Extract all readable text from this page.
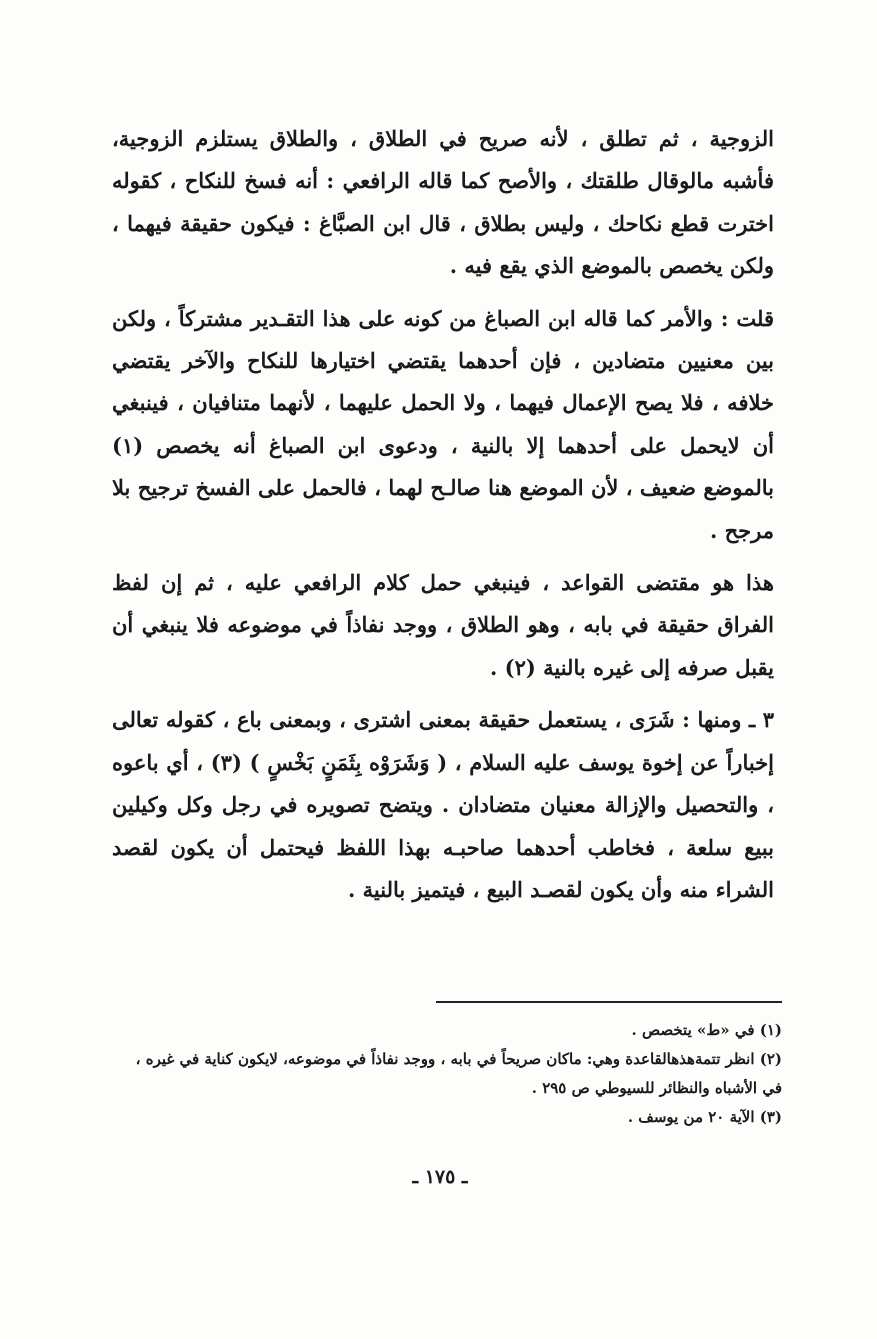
الزوجية ، ثم تطلق ، لأنه صريح في الطلاق ، والطلاق يستلزم الزوجية، فأشبه مالوقال طلقتك ، والأصح كما قاله الرافعي : أنه فسخ للنكاح ، كقوله اخترت قطع نكاحك ، وليس بطلاق ، قال ابن الصبَّاغ : فيكون حقيقة فيهما ، ولكن يخصص بالموضع الذي يقع فيه .

قلت : والأمر كما قاله ابن الصباغ من كونه على هذا التقـدير مشتركاً ، ولكن بين معنيين متضادين ، فإن أحدهما يقتضي اختيارها للنكاح والآخر يقتضي خلافه ، فلا يصح الإعمال فيهما ، ولا الحمل عليهما ، لأنهما متنافيان ، فينبغي أن لايحمل على أحدهما إلا بالنية ، ودعوى ابن الصباغ أنه يخصص (١) بالموضع ضعيف ، لأن الموضع هنا صالـح لهما ، فالحمل على الفسخ ترجيح بلا مرجح .

هذا هو مقتضى القواعد ، فينبغي حمل كلام الرافعي عليه ، ثم إن لفظ الفراق حقيقة في بابه ، وهو الطلاق ، ووجد نفاذاً في موضوعه فلا ينبغي أن يقبل صرفه إلى غيره بالنية (٢) .

٣ ـ ومنها : شَرَى ، يستعمل حقيقة بمعنى اشترى ، وبمعنى باع ، كقوله تعالى إخباراً عن إخوة يوسف عليه السلام ، ( وَشَرَوْه بِثَمَنٍ بَخْسٍ ) (٣) ، أي باعوه ، والتحصيل والإزالة معنيان متضادان . ويتضح تصويره في رجل وكل وكيلين ببيع سلعة ، فخاطب أحدهما صاحبـه بهذا اللفظ فيحتمل أن يكون لقصد الشراء منه وأن يكون لقصـد البيع ، فيتميز بالنية .

(١) في «ط» يتخصص .

(٢) انظر تتمةهذهالقاعدة وهي: ماكان صريحاً في بابه ، ووجد نفاذاً في موضوعه، لايكون كناية في غيره ، في الأشباه والنظائر للسيوطي ص ٢٩٥ .

(٣) الآية ٢٠ من يوسف .

ـ ١٧٥ ـ
